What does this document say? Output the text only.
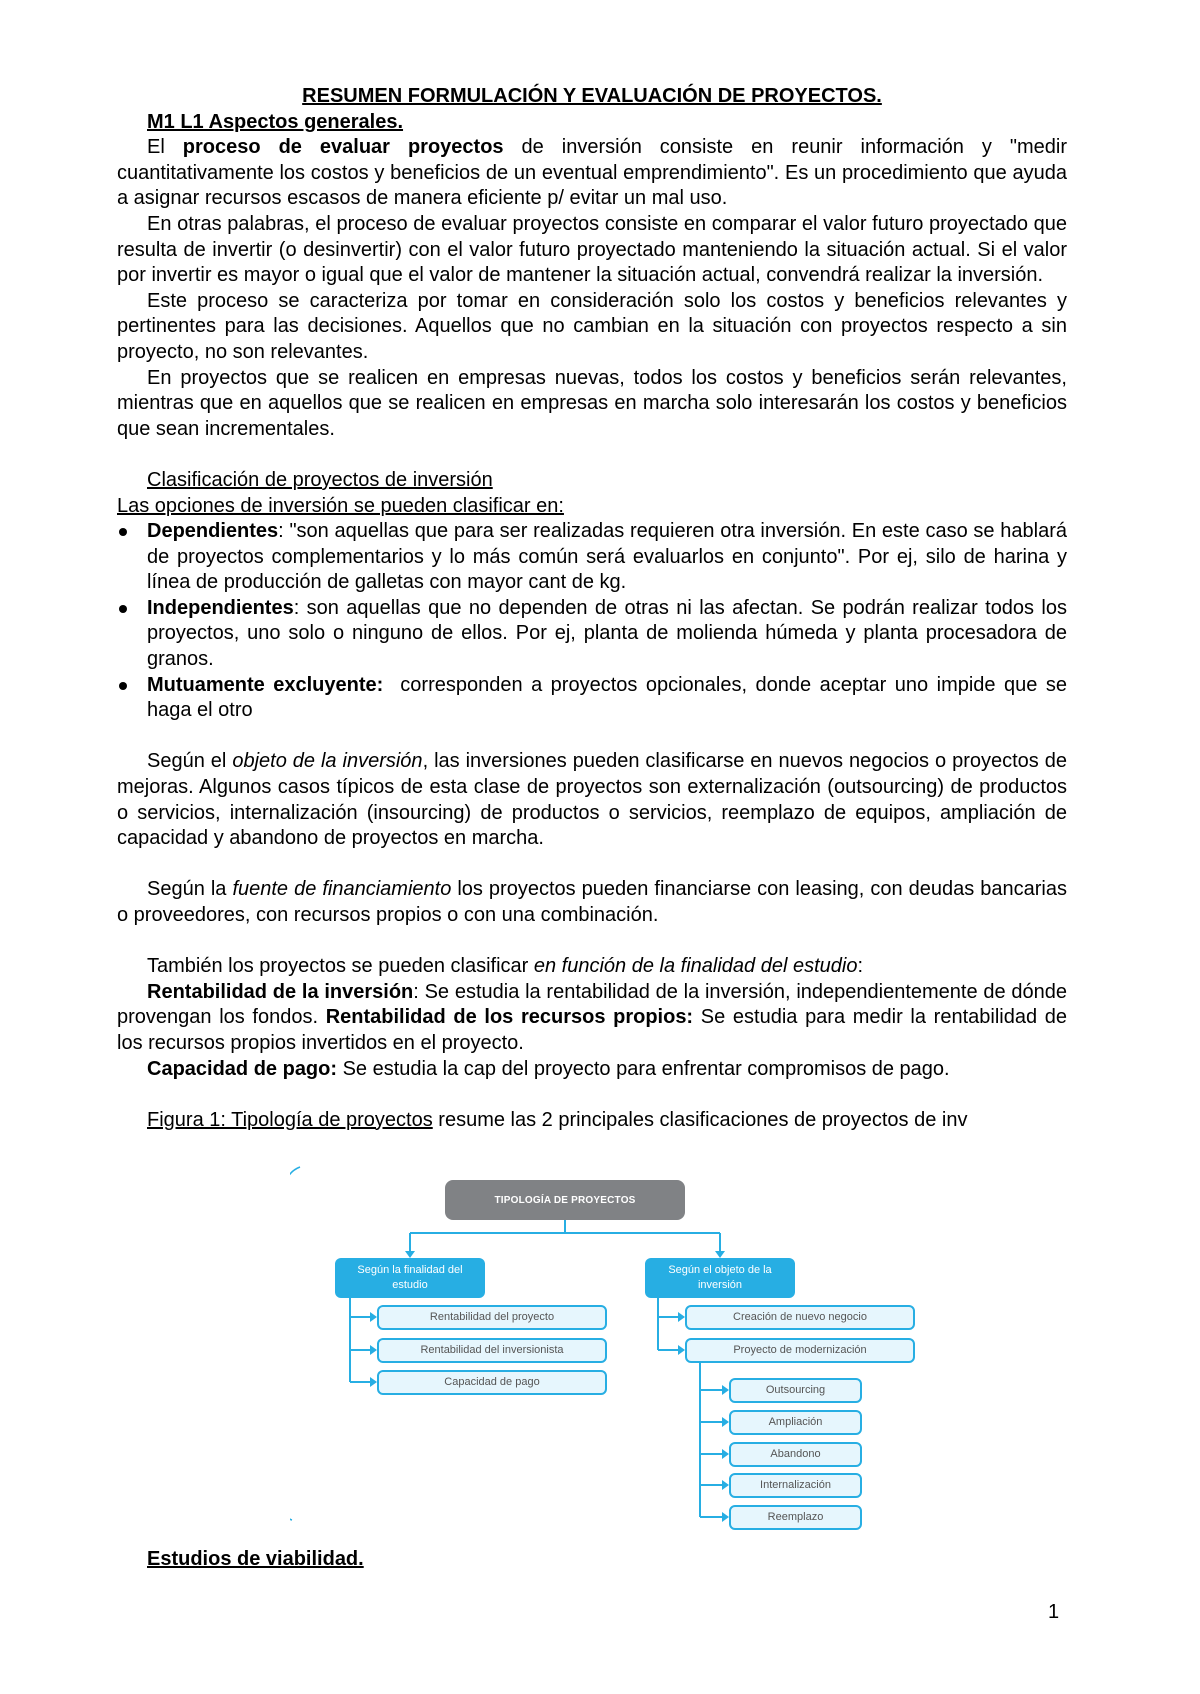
RESUMEN FORMULACIÓN Y EVALUACIÓN DE PROYECTOS.

M1 L1 Aspectos generales.

El proceso de evaluar proyectos de inversión consiste en reunir información y "medir cuantitativamente los costos y beneficios de un eventual emprendimiento". Es un procedimiento que ayuda a asignar recursos escasos de manera eficiente p/ evitar un mal uso.

En otras palabras, el proceso de evaluar proyectos consiste en comparar el valor futuro proyectado que resulta de invertir (o desinvertir) con el valor futuro proyectado manteniendo la situación actual. Si el valor por invertir es mayor o igual que el valor de mantener la situación actual, convendrá realizar la inversión.

Este proceso se caracteriza por tomar en consideración solo los costos y beneficios relevantes y pertinentes para las decisiones. Aquellos que no cambian en la situación con proyectos respecto a sin proyecto, no son relevantes.

En proyectos que se realicen en empresas nuevas, todos los costos y beneficios serán relevantes, mientras que en aquellos que se realicen en empresas en marcha solo interesarán los costos y beneficios que sean incrementales.

Clasificación de proyectos de inversión

Las opciones de inversión se pueden clasificar en:

Dependientes: "son aquellas que para ser realizadas requieren otra inversión. En este caso se hablará de proyectos complementarios y lo más común será evaluarlos en conjunto". Por ej, silo de harina y línea de producción de galletas con mayor cant de kg.
Independientes: son aquellas que no dependen de otras ni las afectan. Se podrán realizar todos los proyectos, uno solo o ninguno de ellos. Por ej, planta de molienda húmeda y planta procesadora de granos.
Mutuamente excluyente: corresponden a proyectos opcionales, donde aceptar uno impide que se haga el otro

Según el objeto de la inversión, las inversiones pueden clasificarse en nuevos negocios o proyectos de mejoras. Algunos casos típicos de esta clase de proyectos son externalización (outsourcing) de productos o servicios, internalización (insourcing) de productos o servicios, reemplazo de equipos, ampliación de capacidad y abandono de proyectos en marcha.

Según la fuente de financiamiento los proyectos pueden financiarse con leasing, con deudas bancarias o proveedores, con recursos propios o con una combinación.

También los proyectos se pueden clasificar en función de la finalidad del estudio:

Rentabilidad de la inversión: Se estudia la rentabilidad de la inversión, independientemente de dónde provengan los fondos. Rentabilidad de los recursos propios: Se estudia para medir la rentabilidad de los recursos propios invertidos en el proyecto.

Capacidad de pago: Se estudia la cap del proyecto para enfrentar compromisos de pago.

Figura 1: Tipología de proyectos resume las 2 principales clasificaciones de proyectos de inv

TIPOLOGÍA DE PROYECTOS
Según la finalidad del estudio
Según el objeto de la inversión
Rentabilidad del proyecto
Rentabilidad del inversionista
Capacidad de pago
Creación de nuevo negocio
Proyecto de modernización
Outsourcing
Ampliación
Abandono
Internalización
Reemplazo

Estudios de viabilidad.

1
